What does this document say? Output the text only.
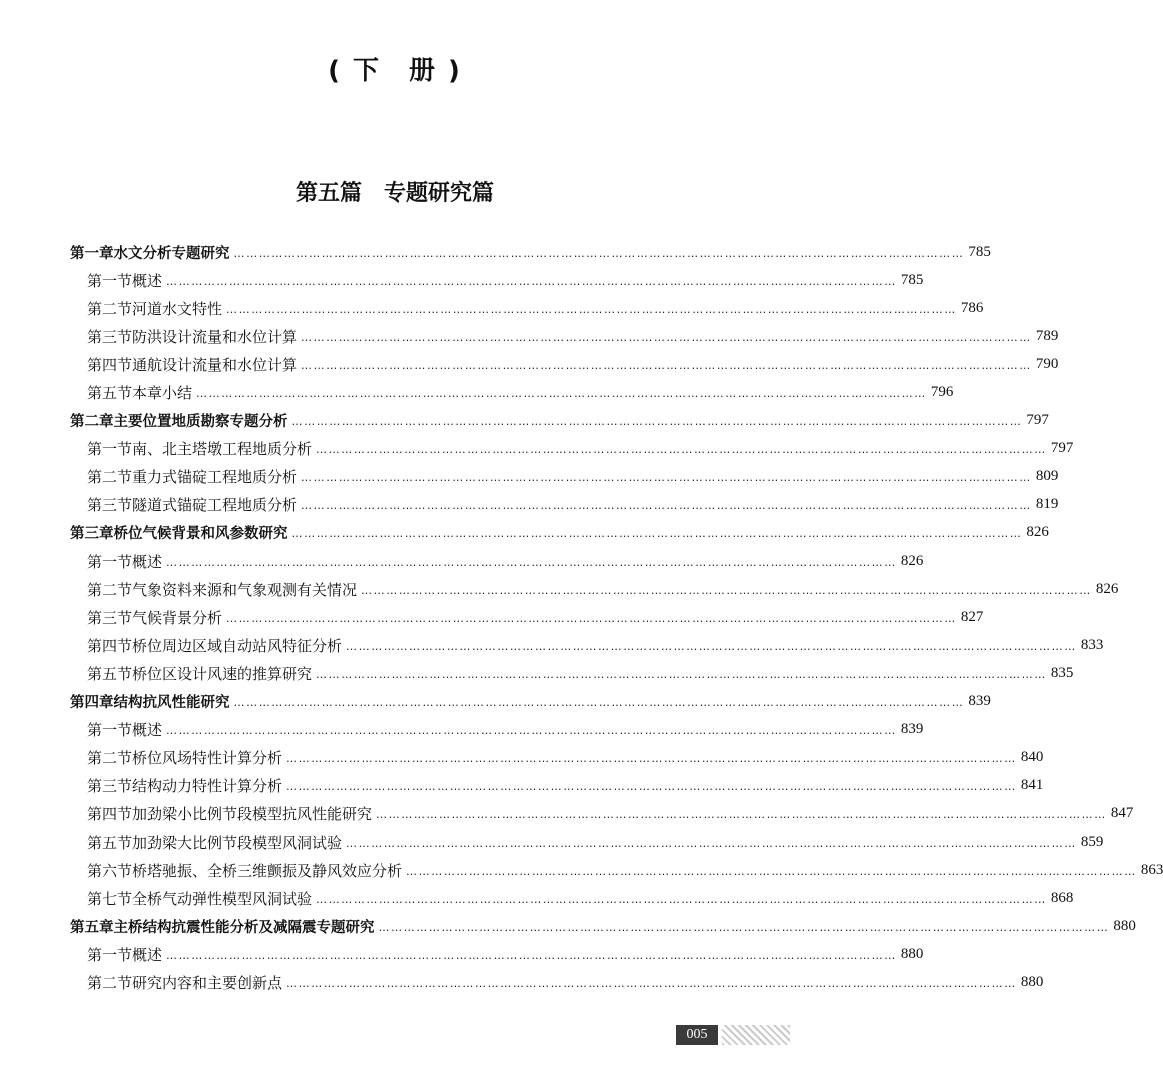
( 下　册 )
第五篇　专题研究篇
第一章 水文分析专题研究 ………………………………………………………………………………………………………………………………………………………… 785
第一节 概述 ………………………………………………………………………………………………………………………………………………………… 785
第二节 河道水文特性 ………………………………………………………………………………………………………………………………………………………… 786
第三节 防洪设计流量和水位计算 ………………………………………………………………………………………………………………………………………………………… 789
第四节 通航设计流量和水位计算 ………………………………………………………………………………………………………………………………………………………… 790
第五节 本章小结 ………………………………………………………………………………………………………………………………………………………… 796
第二章 主要位置地质勘察专题分析 ………………………………………………………………………………………………………………………………………………………… 797
第一节 南、北主塔墩工程地质分析 ………………………………………………………………………………………………………………………………………………………… 797
第二节 重力式锚碇工程地质分析 ………………………………………………………………………………………………………………………………………………………… 809
第三节 隧道式锚碇工程地质分析 ………………………………………………………………………………………………………………………………………………………… 819
第三章 桥位气候背景和风参数研究 ………………………………………………………………………………………………………………………………………………………… 826
第一节 概述 ………………………………………………………………………………………………………………………………………………………… 826
第二节 气象资料来源和气象观测有关情况 ………………………………………………………………………………………………………………………………………………………… 826
第三节 气候背景分析 ………………………………………………………………………………………………………………………………………………………… 827
第四节 桥位周边区域自动站风特征分析 ………………………………………………………………………………………………………………………………………………………… 833
第五节 桥位区设计风速的推算研究 ………………………………………………………………………………………………………………………………………………………… 835
第四章 结构抗风性能研究 ………………………………………………………………………………………………………………………………………………………… 839
第一节 概述 ………………………………………………………………………………………………………………………………………………………… 839
第二节 桥位风场特性计算分析 ………………………………………………………………………………………………………………………………………………………… 840
第三节 结构动力特性计算分析 ………………………………………………………………………………………………………………………………………………………… 841
第四节 加劲梁小比例节段模型抗风性能研究 ………………………………………………………………………………………………………………………………………………………… 847
第五节 加劲梁大比例节段模型风洞试验 ………………………………………………………………………………………………………………………………………………………… 859
第六节 桥塔驰振、全桥三维颤振及静风效应分析 ………………………………………………………………………………………………………………………………………………………… 863
第七节 全桥气动弹性模型风洞试验 ………………………………………………………………………………………………………………………………………………………… 868
第五章 主桥结构抗震性能分析及减隔震专题研究 ………………………………………………………………………………………………………………………………………………………… 880
第一节 概述 ………………………………………………………………………………………………………………………………………………………… 880
第二节 研究内容和主要创新点 ………………………………………………………………………………………………………………………………………………………… 880
005
